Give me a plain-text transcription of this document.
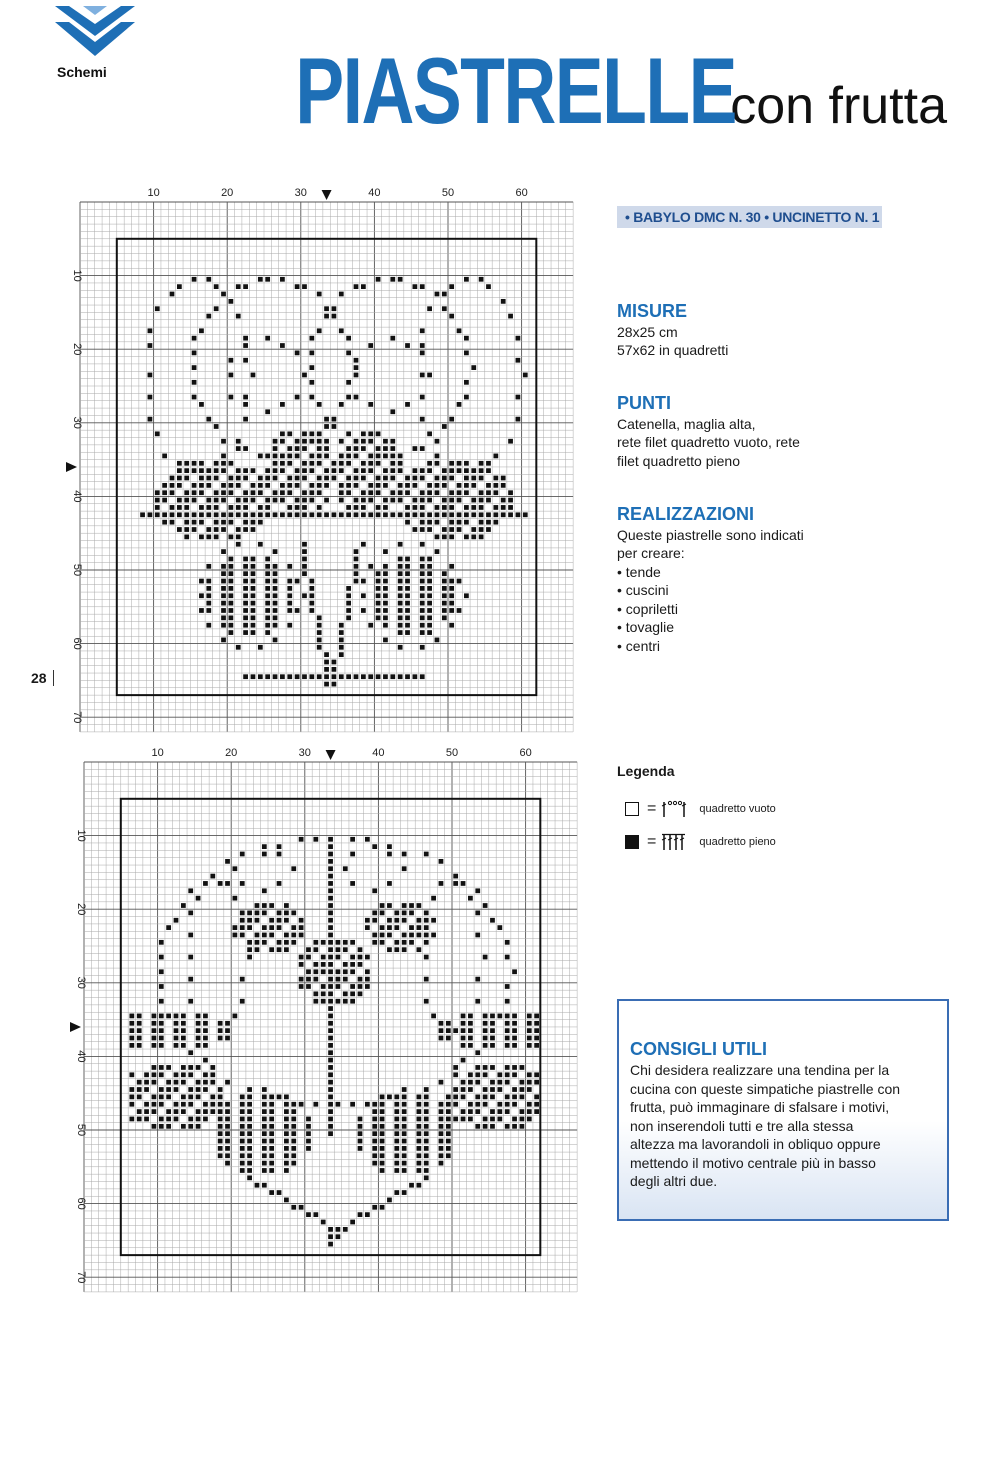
Schemi	PIASTRELLE con frutta
10	20	30	40	50	60
10
20
30
40
50
60
70
10	20	30	40	50	60
10
20
30
40
50
60
70
28
• BABYLO DMC N. 30 • UNCINETTO N. 1
MISURE

28x25 cm

57x62 in quadretti

PUNTI

Catenella, maglia alta,

rete filet quadretto vuoto, rete

filet quadretto pieno

REALIZZAZIONI

Queste piastrelle sono indicati

per creare:

• tende
• cuscini
• copriletti
• tovaglie
• centri
Legenda
=	quadretto vuoto
=	quadretto pieno
CONSIGLI UTILI

Chi desidera realizzare una tendina per la

cucina con queste simpatiche piastrelle con

frutta, può immaginare di sfalsare i motivi,

non inserendoli tutti e tre alla stessa

altezza ma lavorandoli in obliquo oppure

mettendo il motivo centrale più in basso

degli altri due.
